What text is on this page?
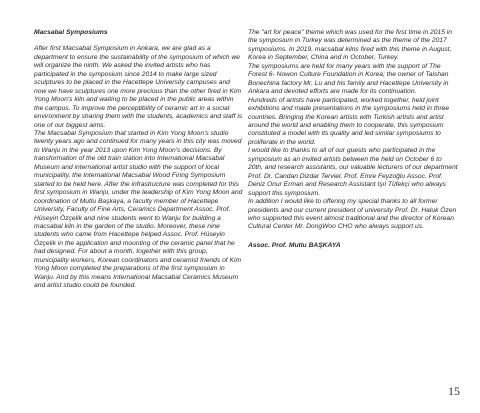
Macsabal Symposiums

After first Macsabal Symposium in Ankara, we are glad as a department to ensure the sustainability of the symposium of which we will organize the ninth. We asked the invited artists who has participated in the symposium since 2014 to make large sized sculptures to be placed in the Hacettepe University campuses and now we have sculptures one more precious than the other fired in Kim Yong Moon's kiln and waiting to be placed in the public areas within the campus. To improve the perceptibility of ceramic art in a social environment by sharing them with the students, academics and staff is one of our biggest aims.

The Macsabal Symposium that started in Kim Yong Moon's studio twenty years ago and continued for many years in this city was moved to Wanju in the year 2013 upon Kim Yong Moon's decisions. By transformation of the old train station into International Macsabal Museum and international artist studio with the support of local municipality, the International Macsabal Wood Firing Symposium started to be held here. After the infrastructure was completed for this first symposium in Wanju, under the leadership of Kim Yong Moon and coordination of Mutlu Başkaya, a faculty member of Hacettepe University, Faculty of Fine Arts, Ceramics Department Assoc. Prof. Hüseyin Özçelik and nine students went to Wanju for building a macsabal kiln in the garden of the studio. Moreover, these nine students who came from Hacettepe helped Assoc. Prof. Hüseyin Özçelik in the application and mounting of the ceramic panel that he had designed. For about a month, together with this group, municipality workers, Korean coordinators and ceramist friends of Kim Yong Moon completed the preparations of the first symposium in Wanju. And by this means International Macsabal Ceramics Museum and artist studio could be founded.

The "art for peace" theme which was used for the first time in 2015 in the symposium in Turkey was determined as the theme of the 2017 symposiums. In 2019, macsabal kilns fired with this theme in August, Korea in September, China and in October, Turkey.

The symposiums are held for many years with the support of The Forest 6- Nowon Culture Foundation in Korea; the owner of Taishan Bonechina factory Mr. Lu and his family and Hacettepe University in Ankara and devoted efforts are made for its continuation.

Hundreds of artists have participated, worked together, held joint exhibitions and made presentations in the symposiums held in three countries. Bringing the Korean artists with Turkish artists and artist around the world and enabling them to cooperate, this symposium constituted a model with its quality and led similar symposiums to proliferate in the world.

I would like to thanks to all of our guests who participated in the symposium as an invited artists between the held on October 6 to 20th, and research assistants, our valuable lecturers of our department Prof. Dr. Candan Dizdar Terviel, Prof. Emre Feyzoğlu Assoc. Prof. Deniz Onur Erman and Research Assistant Işıl Tüfekçi who always support this symposium.

In addition I would like to offering my special thanks to all former presidents and our current president of university Prof. Dr. Haluk Özen who supported this event almost traditional and the director of Korean Cultural Center Mr. DongWoo CHO who always support us.

Assoc. Prof. Mutlu BAŞKAYA

15
